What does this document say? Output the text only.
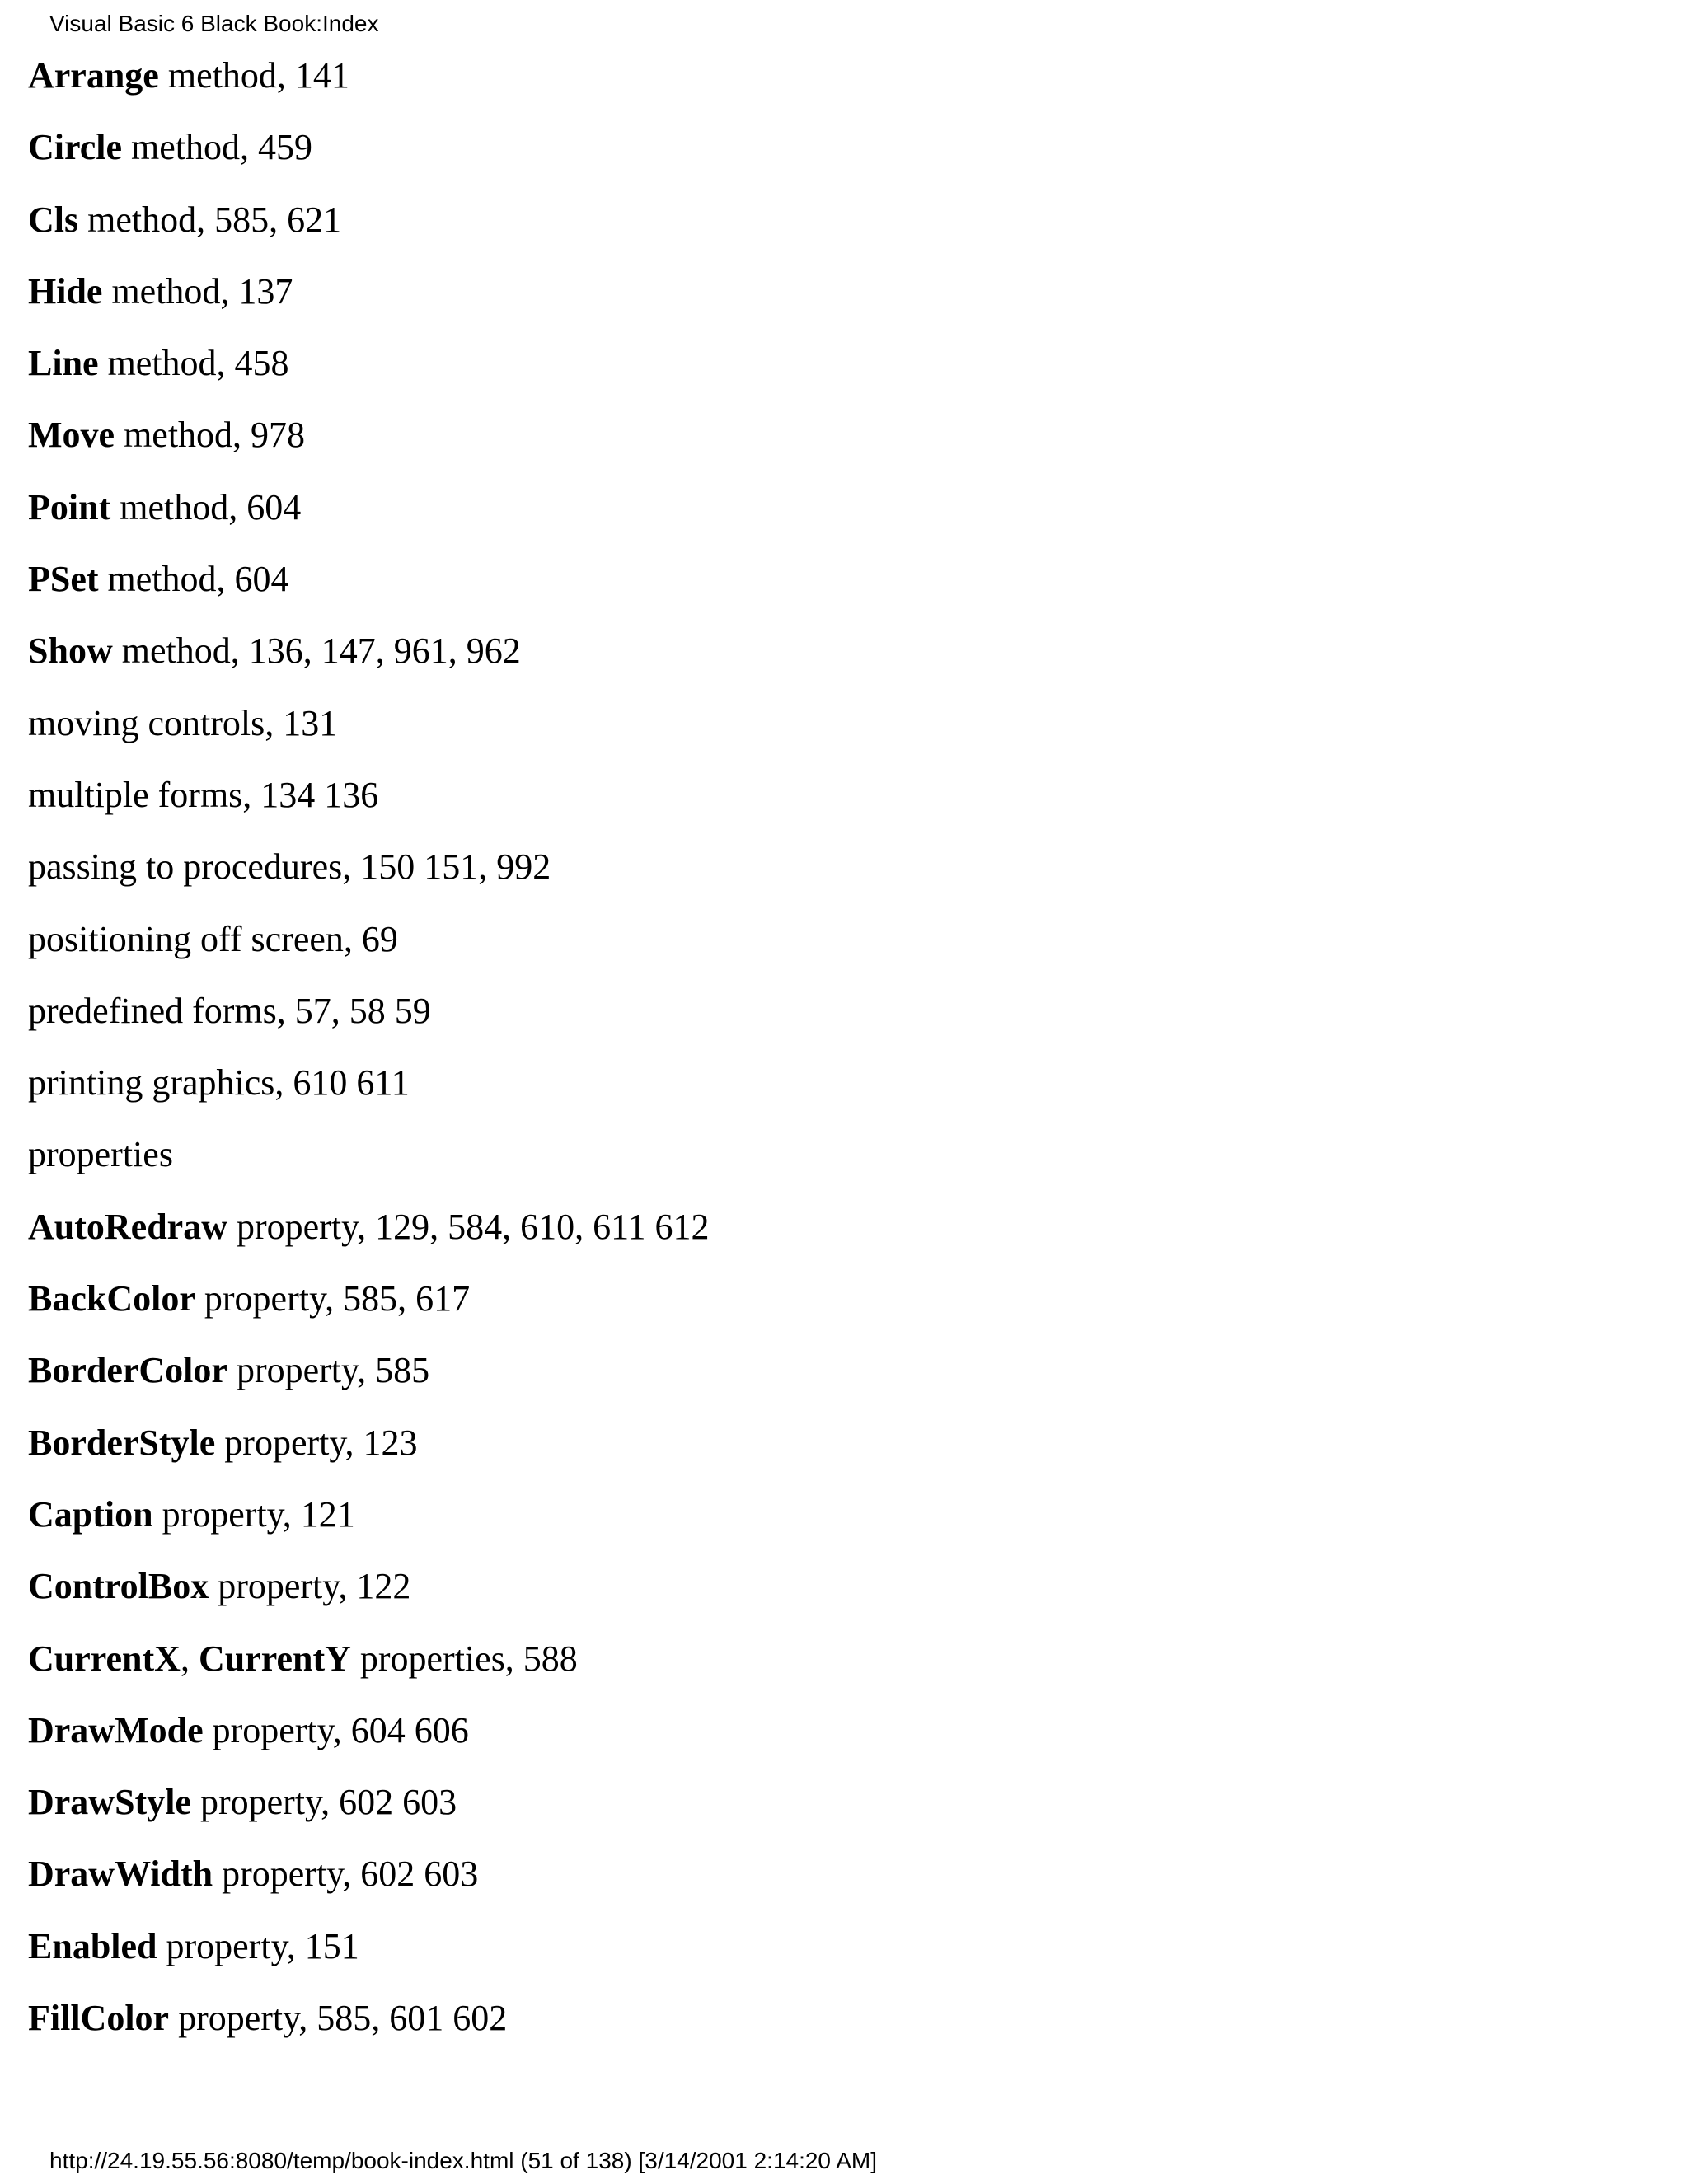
Visual Basic 6 Black Book:Index
Arrange method, 141
Circle method, 459
Cls method, 585, 621
Hide method, 137
Line method, 458
Move method, 978
Point method, 604
PSet method, 604
Show method, 136, 147, 961, 962
moving controls, 131
multiple forms, 134 136
passing to procedures, 150 151, 992
positioning off screen, 69
predefined forms, 57, 58 59
printing graphics, 610 611
properties
AutoRedraw property, 129, 584, 610, 611 612
BackColor property, 585, 617
BorderColor property, 585
BorderStyle property, 123
Caption property, 121
ControlBox property, 122
CurrentX, CurrentY properties, 588
DrawMode property, 604 606
DrawStyle property, 602 603
DrawWidth property, 602 603
Enabled property, 151
FillColor property, 585, 601 602
http://24.19.55.56:8080/temp/book-index.html (51 of 138) [3/14/2001 2:14:20 AM]
